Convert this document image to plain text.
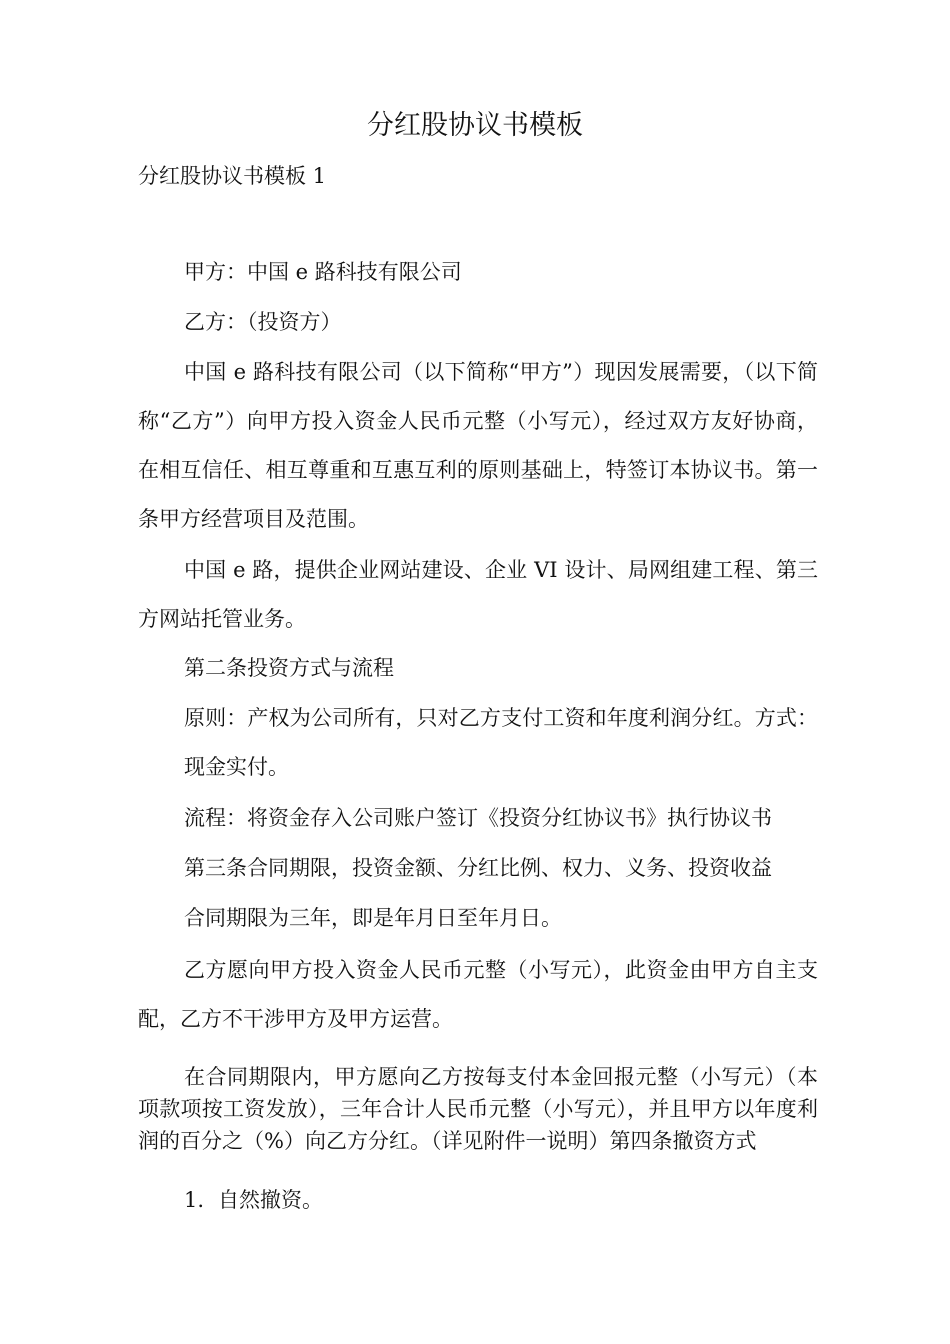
分红股协议书模板

分红股协议书模板 1

甲方：中国 e 路科技有限公司

乙方：（投资方）

中国 e 路科技有限公司（以下简称“甲方”）现因发展需要，（以下简称“乙方”）向甲方投入资金人民币元整（小写元），经过双方友好协商，在相互信任、相互尊重和互惠互利的原则基础上，特签订本协议书。第一条甲方经营项目及范围。

中国 e 路，提供企业网站建设、企业 VI 设计、局网组建工程、第三方网站托管业务。

第二条投资方式与流程

原则：产权为公司所有，只对乙方支付工资和年度利润分红。方式：现金实付。

流程：将资金存入公司账户签订《投资分红协议书》执行协议书

第三条合同期限，投资金额、分红比例、权力、义务、投资收益

合同期限为三年，即是年月日至年月日。

乙方愿向甲方投入资金人民币元整（小写元），此资金由甲方自主支配，乙方不干涉甲方及甲方运营。

在合同期限内，甲方愿向乙方按每支付本金回报元整（小写元）（本项款项按工资发放），三年合计人民币元整（小写元），并且甲方以年度利润的百分之（%）向乙方分红。（详见附件一说明）第四条撤资方式

1. 自然撤资。
